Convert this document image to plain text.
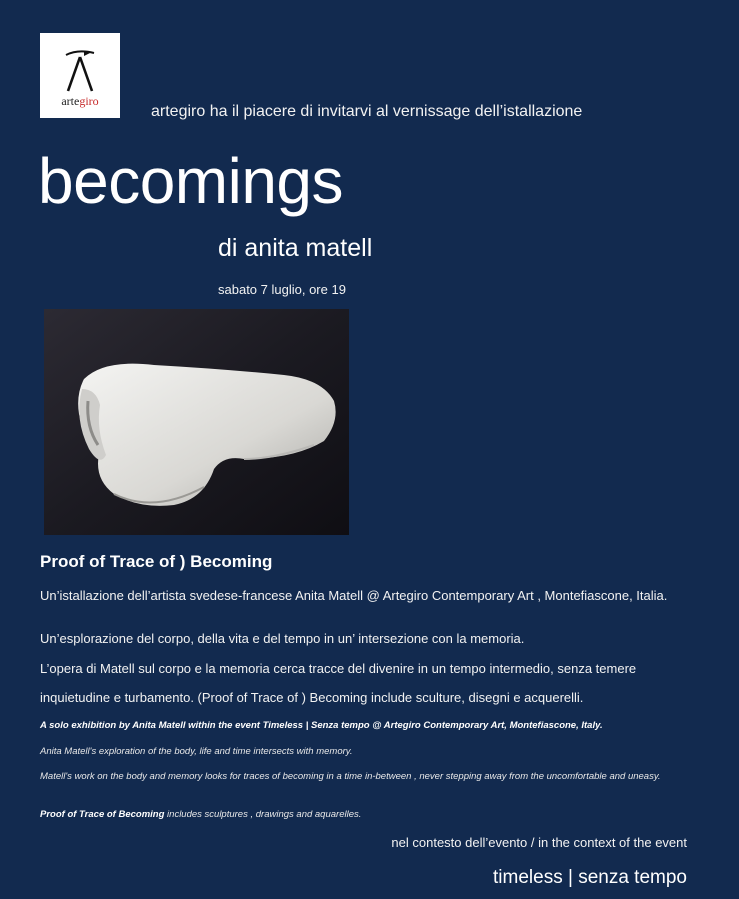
artegiro
artegiro ha il piacere di invitarvi al vernissage dell’istallazione
becomings
di anita matell
sabato 7 luglio, ore 19
Proof of Trace of ) Becoming
Un’istallazione dell’artista svedese-francese Anita Matell @ Artegiro Contemporary Art , Montefiascone, Italia.
Un’esplorazione del corpo, della vita e del tempo in un’ intersezione con la memoria.
L’opera di Matell sul corpo e la memoria cerca tracce del divenire in un tempo intermedio, senza temere
inquietudine e turbamento. (Proof of Trace of ) Becoming include sculture, disegni e acquerelli.
A solo exhibition by Anita Matell within the event Timeless | Senza tempo @ Artegiro Contemporary Art, Montefiascone, Italy.
Anita Matell's exploration of the body, life and time intersects with memory.
Matell's work on the body and memory looks for traces of becoming in a time in-between , never stepping away from the uncomfortable and uneasy.
Proof of Trace of Becoming includes sculptures , drawings and aquarelles.
nel contesto dell’evento / in the context of the event
timeless | senza tempo
